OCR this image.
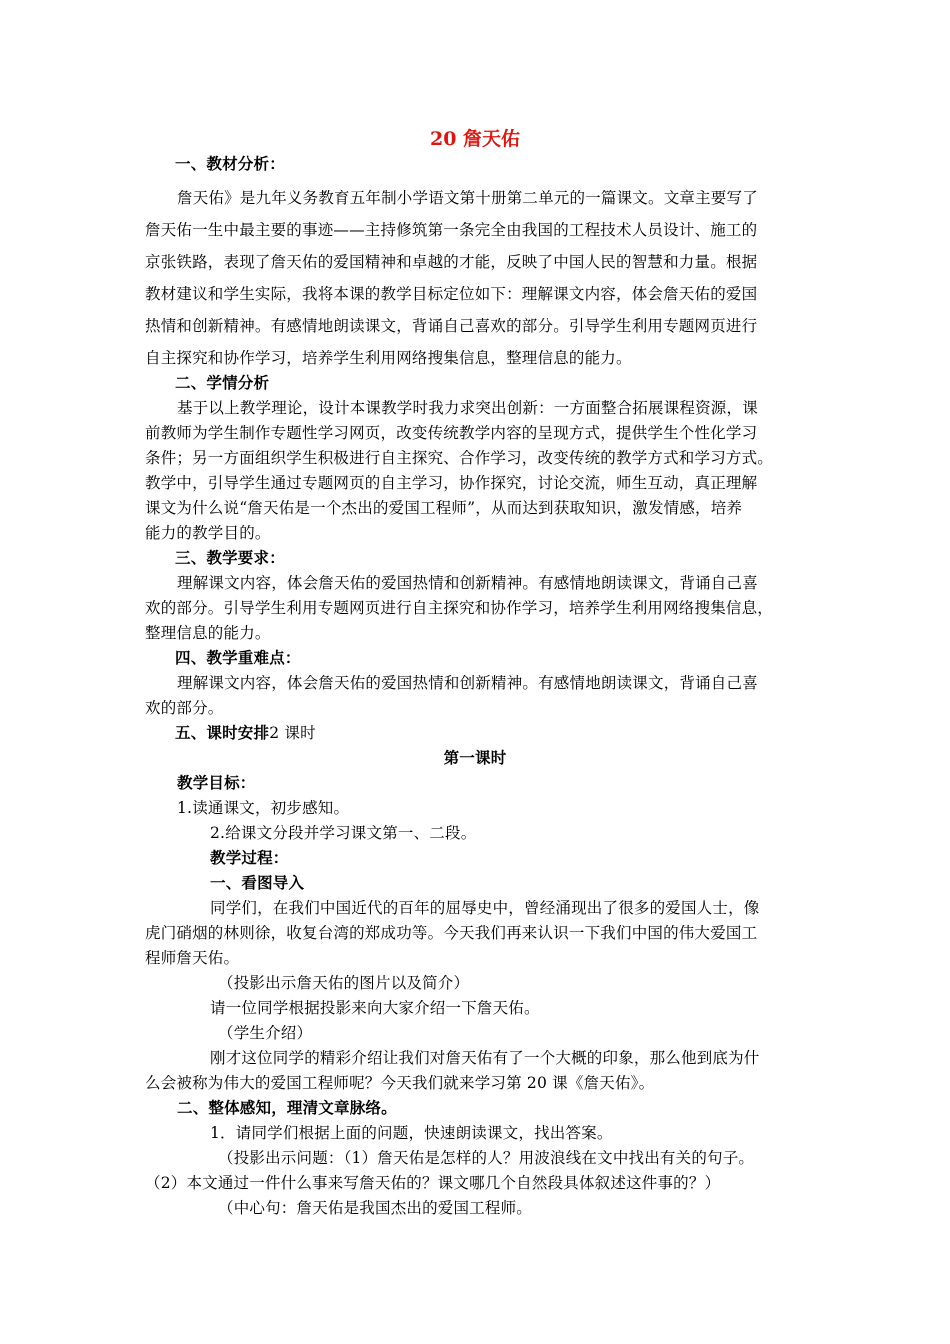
20 詹天佑
一、教材分析：
詹天佑》是九年义务教育五年制小学语文第十册第二单元的一篇课文。文章主要写了
詹天佑一生中最主要的事迹——主持修筑第一条完全由我国的工程技术人员设计、施工的
京张铁路，表现了詹天佑的爱国精神和卓越的才能，反映了中国人民的智慧和力量。根据
教材建议和学生实际，我将本课的教学目标定位如下：理解课文内容，体会詹天佑的爱国
热情和创新精神。有感情地朗读课文，背诵自己喜欢的部分。引导学生利用专题网页进行
自主探究和协作学习，培养学生利用网络搜集信息，整理信息的能力。
二、学情分析
基于以上教学理论，设计本课教学时我力求突出创新：一方面整合拓展课程资源，课
前教师为学生制作专题性学习网页，改变传统教学内容的呈现方式，提供学生个性化学习
条件；另一方面组织学生积极进行自主探究、合作学习，改变传统的教学方式和学习方式。
教学中，引导学生通过专题网页的自主学习，协作探究，讨论交流，师生互动，真正理解
课文为什么说“詹天佑是一个杰出的爱国工程师”，从而达到获取知识，激发情感，培养
能力的教学目的。
三、教学要求：
理解课文内容，体会詹天佑的爱国热情和创新精神。有感情地朗读课文，背诵自己喜
欢的部分。引导学生利用专题网页进行自主探究和协作学习，培养学生利用网络搜集信息，
整理信息的能力。
四、教学重难点：
理解课文内容，体会詹天佑的爱国热情和创新精神。有感情地朗读课文，背诵自己喜
欢的部分。
五、课时安排2 课时
第一课时
教学目标：
1.读通课文，初步感知。
2.给课文分段并学习课文第一、二段。
教学过程：
一、看图导入
同学们，在我们中国近代的百年的屈辱史中，曾经涌现出了很多的爱国人士，像
虎门硝烟的林则徐，收复台湾的郑成功等。今天我们再来认识一下我们中国的伟大爱国工
程师詹天佑。
（投影出示詹天佑的图片以及简介）
请一位同学根据投影来向大家介绍一下詹天佑。
（学生介绍）
刚才这位同学的精彩介绍让我们对詹天佑有了一个大概的印象，那么他到底为什
么会被称为伟大的爱国工程师呢？今天我们就来学习第 20 课《詹天佑》。
二、整体感知，理清文章脉络。
1．请同学们根据上面的问题，快速朗读课文，找出答案。
（投影出示问题：（1）詹天佑是怎样的人？用波浪线在文中找出有关的句子。
（2）本文通过一件什么事来写詹天佑的？课文哪几个自然段具体叙述这件事的？）
（中心句：詹天佑是我国杰出的爱国工程师。
